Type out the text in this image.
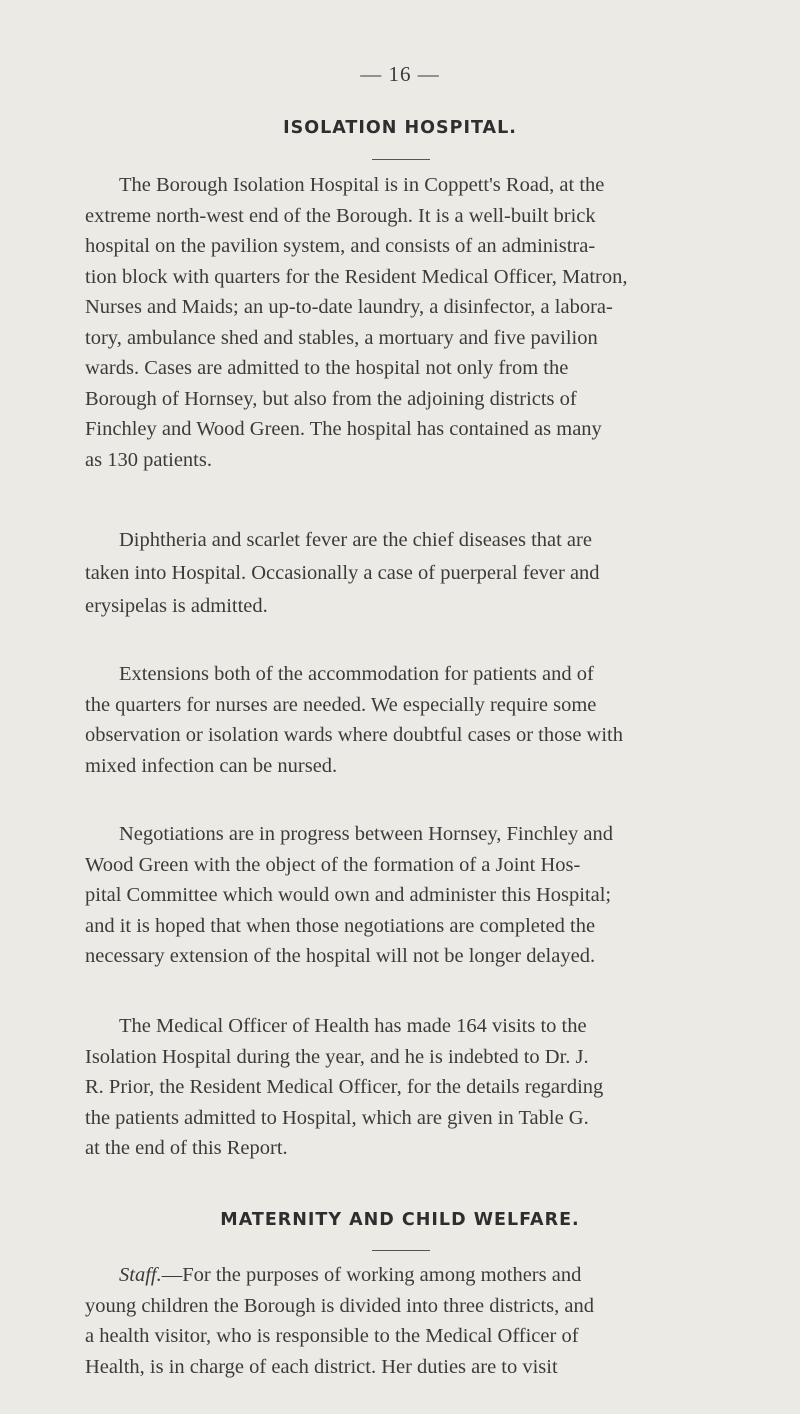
— 16 —
ISOLATION HOSPITAL.

The Borough Isolation Hospital is in Coppett's Road, at the
extreme north-west end of the Borough. It is a well-built brick
hospital on the pavilion system, and consists of an administra-
tion block with quarters for the Resident Medical Officer, Matron,
Nurses and Maids; an up-to-date laundry, a disinfector, a labora-
tory, ambulance shed and stables, a mortuary and five pavilion
wards. Cases are admitted to the hospital not only from the
Borough of Hornsey, but also from the adjoining districts of
Finchley and Wood Green. The hospital has contained as many
as 130 patients.

Diphtheria and scarlet fever are the chief diseases that are
taken into Hospital. Occasionally a case of puerperal fever and
erysipelas is admitted.

Extensions both of the accommodation for patients and of
the quarters for nurses are needed. We especially require some
observation or isolation wards where doubtful cases or those with
mixed infection can be nursed.

Negotiations are in progress between Hornsey, Finchley and
Wood Green with the object of the formation of a Joint Hos-
pital Committee which would own and administer this Hospital;
and it is hoped that when those negotiations are completed the
necessary extension of the hospital will not be longer delayed.

The Medical Officer of Health has made 164 visits to the
Isolation Hospital during the year, and he is indebted to Dr. J.
R. Prior, the Resident Medical Officer, for the details regarding
the patients admitted to Hospital, which are given in Table G.
at the end of this Report.

MATERNITY AND CHILD WELFARE.

Staff.—For the purposes of working among mothers and
young children the Borough is divided into three districts, and
a health visitor, who is responsible to the Medical Officer of
Health, is in charge of each district. Her duties are to visit
